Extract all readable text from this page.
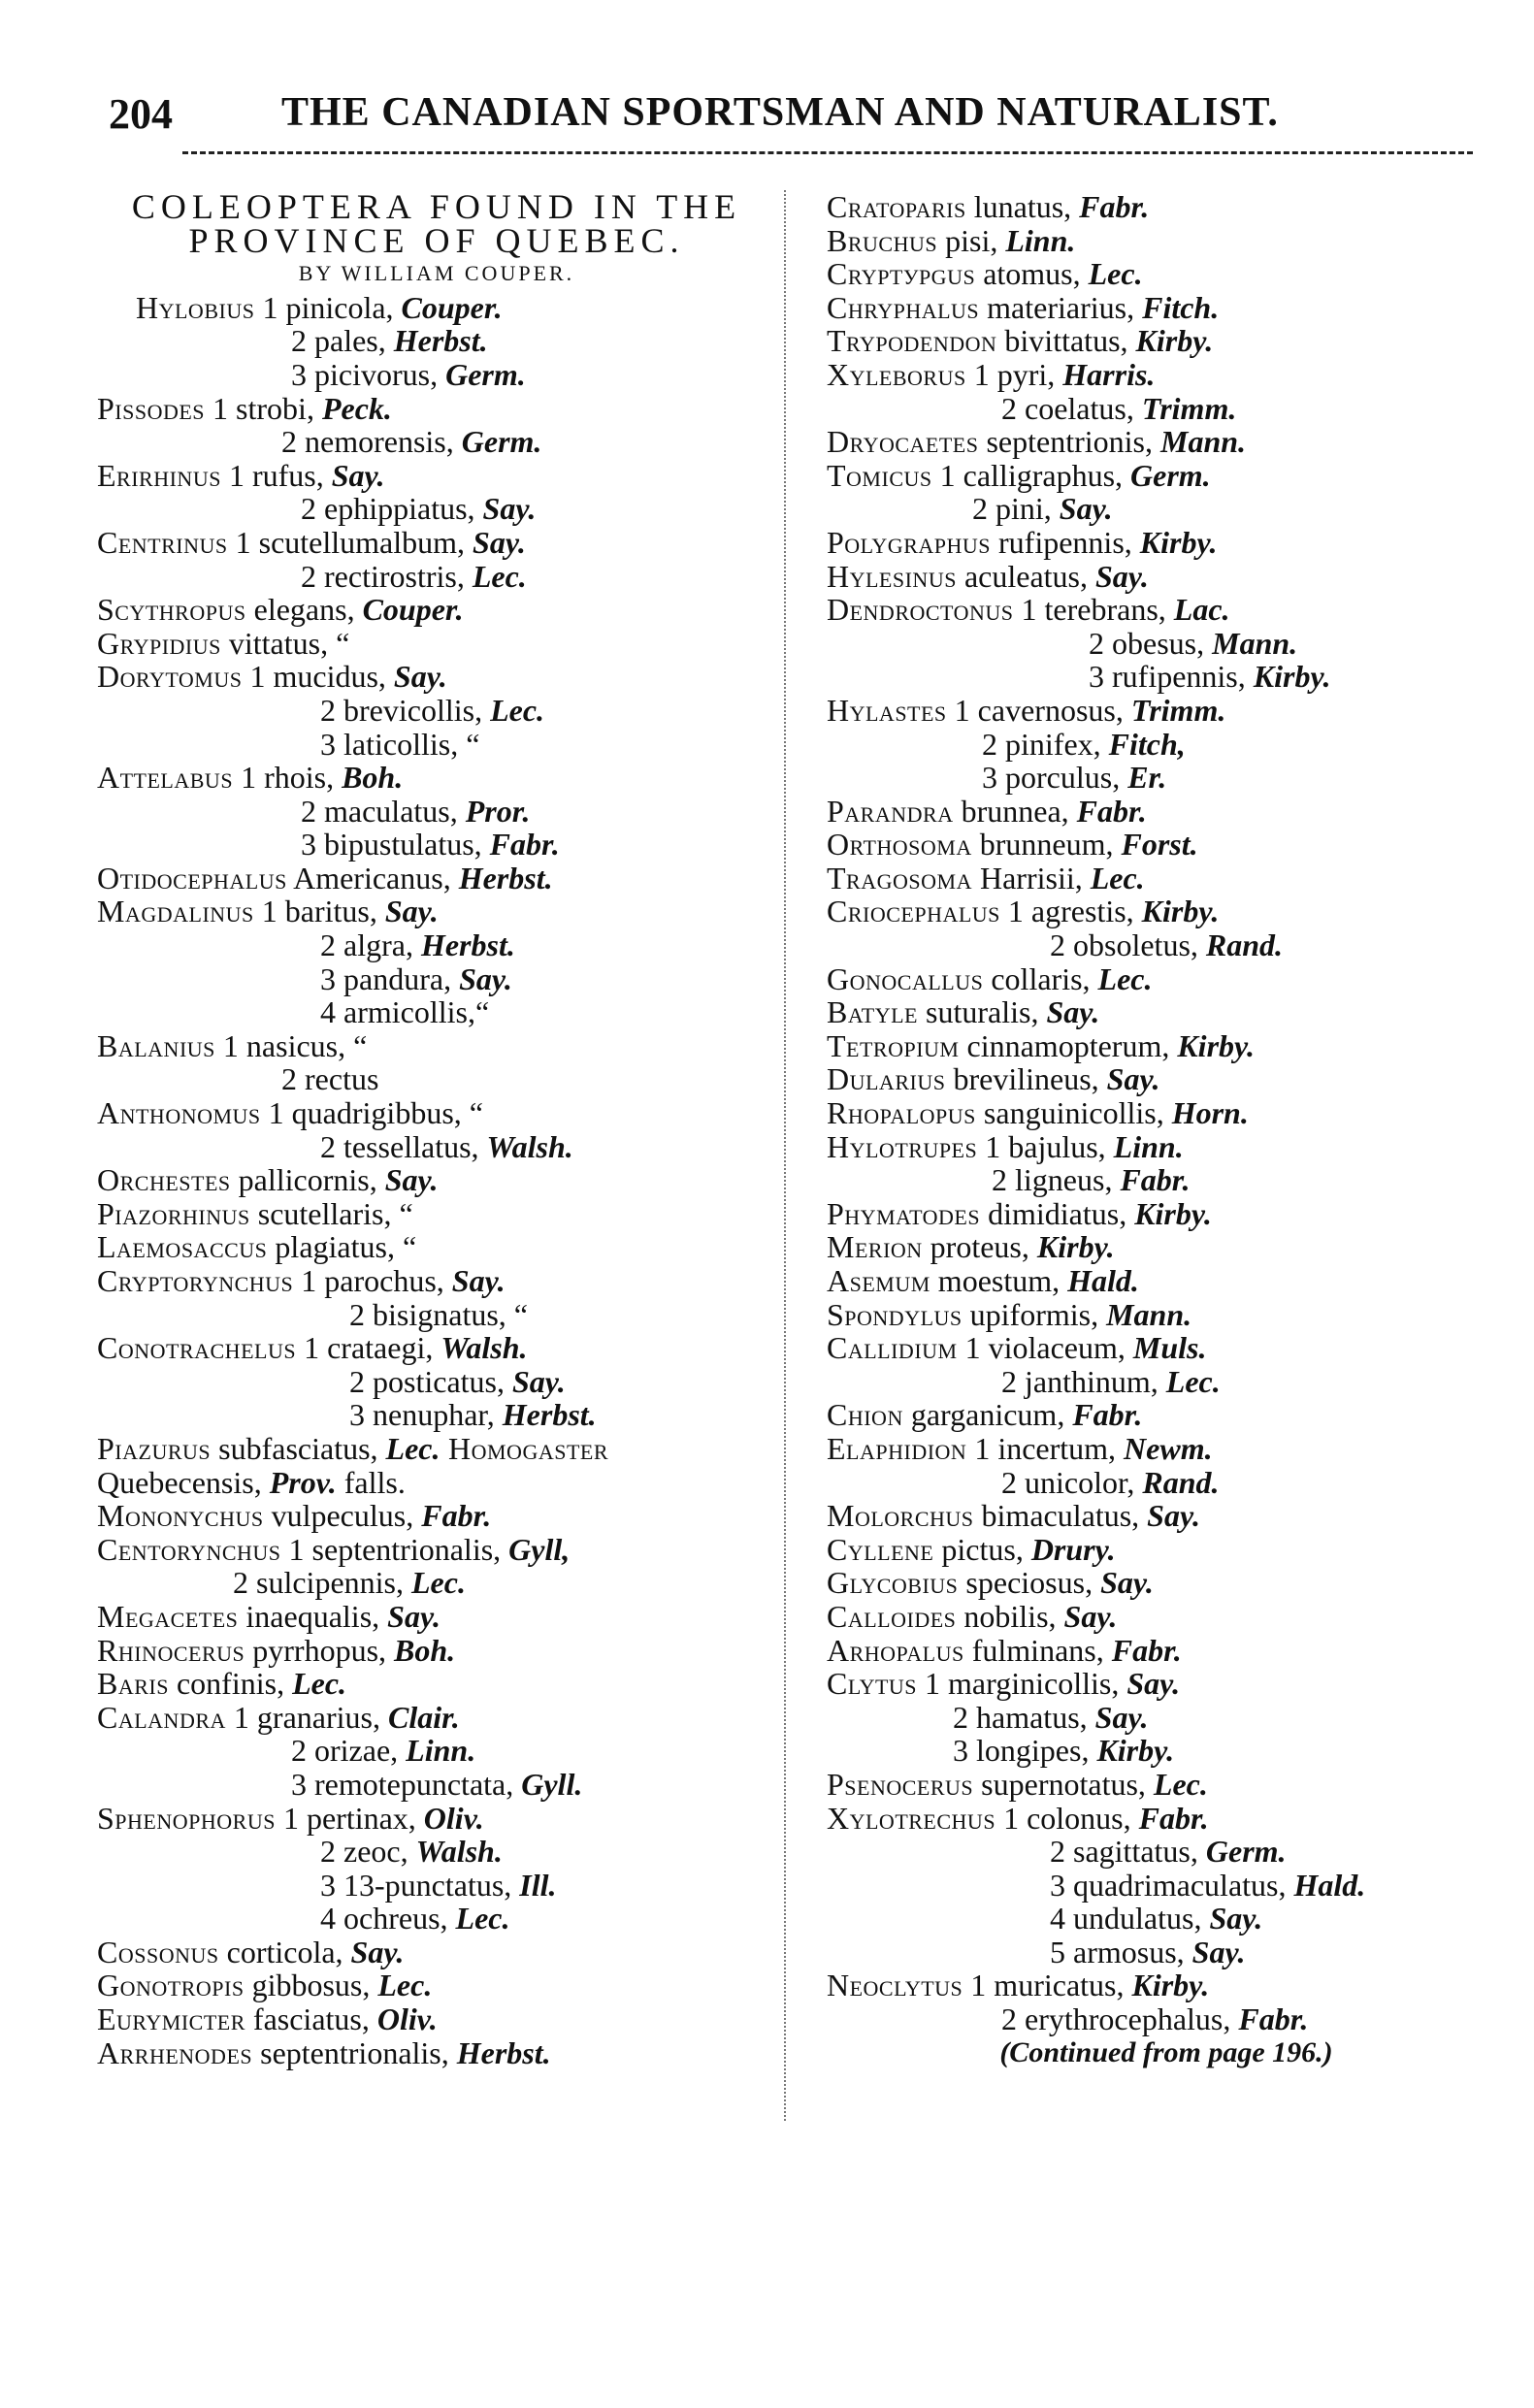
204	THE CANADIAN SPORTSMAN AND NATURALIST.
COLEOPTERA FOUND IN THE
PROVINCE OF QUEBEC.
BY WILLIAM COUPER.
Hylobius 1 pinicola, Couper.
2 pales, Herbst.
3 picivorus, Germ.
Pissodes 1 strobi, Peck.
2 nemorensis, Germ.
Erirhinus 1 rufus, Say.
2 ephippiatus, Say.
Centrinus 1 scutellumalbum, Say.
2 rectirostris, Lec.
Scythropus elegans, Couper.
Grypidius vittatus, “
Dorytomus 1 mucidus, Say.
2 brevicollis, Lec.
3 laticollis, “
Attelabus 1 rhois, Boh.
2 maculatus, Pror.
3 bipustulatus, Fabr.
Otidocephalus Americanus, Herbst.
Magdalinus 1 baritus, Say.
2 algra, Herbst.
3 pandura, Say.
4 armicollis,“
Balanius 1 nasicus, “
2 rectus
Anthonomus 1 quadrigibbus, “
2 tessellatus, Walsh.
Orchestes pallicornis, Say.
Piazorhinus scutellaris, “
Laemosaccus plagiatus, “
Cryptorynchus 1 parochus, Say.
2 bisignatus, “
Conotrachelus 1 crataegi, Walsh.
2 posticatus, Say.
3 nenuphar, Herbst.
Piazurus subfasciatus, Lec. Homogaster
Quebecensis, Prov. falls.
Mononychus vulpeculus, Fabr.
Centorynchus 1 septentrionalis, Gyll,
2 sulcipennis, Lec.
Megacetes inaequalis, Say.
Rhinocerus pyrrhopus, Boh.
Baris confinis, Lec.
Calandra 1 granarius, Clair.
2 orizae, Linn.
3 remotepunctata, Gyll.
Sphenophorus 1 pertinax, Oliv.
2 zeoc, Walsh.
3 13-punctatus, Ill.
4 ochreus, Lec.
Cossonus corticola, Say.
Gonotropis gibbosus, Lec.
Eurymicter fasciatus, Oliv.
Arrhenodes septentrionalis, Herbst.
Cratoparis lunatus, Fabr.
Bruchus pisi, Linn.
Cryptурgus atomus, Lec.
Chryphalus materiarius, Fitch.
Trypodendon bivittatus, Kirby.
Xyleborus 1 pyri, Harris.
2 coelatus, Trimm.
Dryocaetes septentrionis, Mann.
Tomicus 1 calligraphus, Germ.
2 pini, Say.
Polygraphus rufipennis, Kirby.
Hylesinus aculeatus, Say.
Dendroctonus 1 terebrans, Lac.
2 obesus, Mann.
3 rufipennis, Kirby.
Hylastes 1 cavernosus, Trimm.
2 pinifex, Fitch,
3 porculus, Er.
Parandra brunnea, Fabr.
Orthosoma brunneum, Forst.
Tragosoma Harrisii, Lec.
Criocephalus 1 agrestis, Kirby.
2 obsoletus, Rand.
Gonocallus collaris, Lec.
Batyle suturalis, Say.
Tetropium cinnamopterum, Kirby.
Dularius brevilineus, Say.
Rhopalopus sanguinicollis, Horn.
Hylotrupes 1 bajulus, Linn.
2 ligneus, Fabr.
Phymatodes dimidiatus, Kirby.
Merion proteus, Kirby.
Asemum moestum, Hald.
Spondylus upiformis, Mann.
Callidium 1 violaceum, Muls.
2 janthinum, Lec.
Chion garganicum, Fabr.
Elaphidion 1 incertum, Newm.
2 unicolor, Rand.
Molorchus bimaculatus, Say.
Cyllene pictus, Drury.
Glycobius speciosus, Say.
Calloides nobilis, Say.
Arhopalus fulminans, Fabr.
Clytus 1 marginicollis, Say.
2 hamatus, Say.
3 longipes, Kirby.
Psenocerus supernotatus, Lec.
Xylotrechus 1 colonus, Fabr.
2 sagittatus, Germ.
3 quadrimaculatus, Hald.
4 undulatus, Say.
5 armosus, Say.
Neoclytus 1 muricatus, Kirby.
2 erythrocephalus, Fabr.
(Continued from page 196.)
